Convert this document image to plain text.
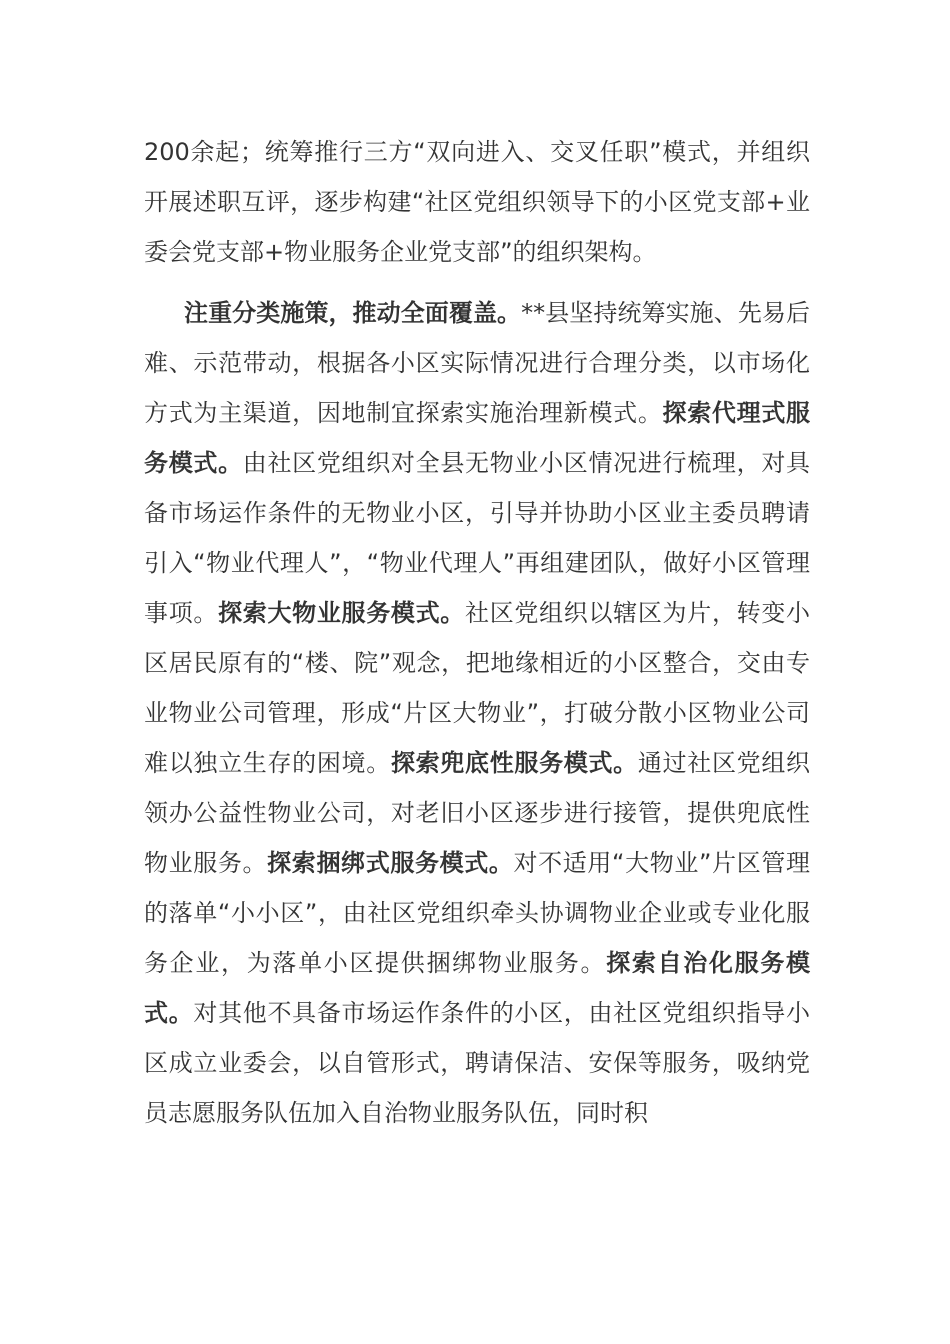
200余起；统筹推行三方“双向进入、交叉任职”模式，并组织开展述职互评，逐步构建“社区党组织领导下的小区党支部+业委会党支部+物业服务企业党支部”的组织架构。

注重分类施策，推动全面覆盖。**县坚持统筹实施、先易后难、示范带动，根据各小区实际情况进行合理分类，以市场化方式为主渠道，因地制宜探索实施治理新模式。探索代理式服务模式。由社区党组织对全县无物业小区情况进行梳理，对具备市场运作条件的无物业小区，引导并协助小区业主委员聘请引入“物业代理人”，“物业代理人”再组建团队，做好小区管理事项。探索大物业服务模式。社区党组织以辖区为片，转变小区居民原有的“楼、院”观念，把地缘相近的小区整合，交由专业物业公司管理，形成“片区大物业”，打破分散小区物业公司难以独立生存的困境。探索兜底性服务模式。通过社区党组织领办公益性物业公司，对老旧小区逐步进行接管，提供兜底性物业服务。探索捆绑式服务模式。对不适用“大物业”片区管理的落单“小小区”，由社区党组织牵头协调物业企业或专业化服务企业，为落单小区提供捆绑物业服务。探索自治化服务模式。对其他不具备市场运作条件的小区，由社区党组织指导小区成立业委会，以自管形式，聘请保洁、安保等服务，吸纳党员志愿服务队伍加入自治物业服务队伍，同时积
